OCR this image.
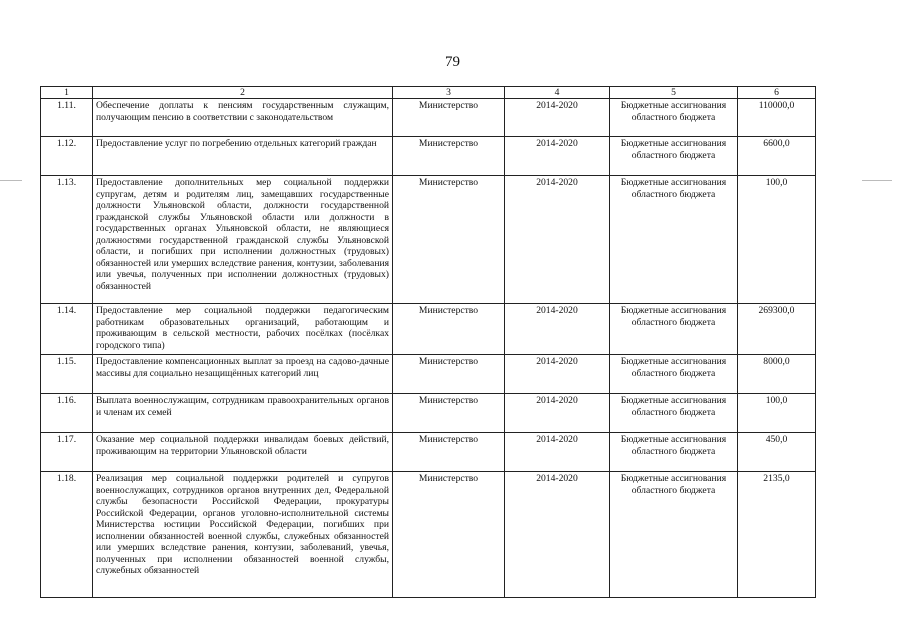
79
1	2	3	4	5	6
1.11.	Обеспечение доплаты к пенсиям государственным служащим, получающим пенсию в соответствии с законодательством	Министерство	2014-2020	Бюджетные ассигнования областного бюджета	110000,0
1.12.	Предоставление услуг по погребению отдельных категорий граждан	Министерство	2014-2020	Бюджетные ассигнования областного бюджета	6600,0
1.13.	Предоставление дополнительных мер социальной поддержки супругам, детям и родителям лиц, замещавших государственные должности Ульяновской области, должности государственной гражданской службы Ульяновской области или должности в государственных органах Ульяновской области, не являющиеся должностями государственной гражданской службы Ульяновской области, и погибших при исполнении должностных (трудовых) обязанностей или умерших вследствие ранения, контузии, заболевания или увечья, полученных при исполнении должностных (трудовых) обязанностей	Министерство	2014-2020	Бюджетные ассигнования областного бюджета	100,0
1.14.	Предоставление мер социальной поддержки педагогическим работникам образовательных организаций, работающим и проживающим в сельской местности, рабочих посёлках (посёлках городского типа)	Министерство	2014-2020	Бюджетные ассигнования областного бюджета	269300,0
1.15.	Предоставление компенсационных выплат за проезд на садово-дачные массивы для социально незащищённых категорий лиц	Министерство	2014-2020	Бюджетные ассигнования областного бюджета	8000,0
1.16.	Выплата военнослужащим, сотрудникам правоохранительных органов и членам их семей	Министерство	2014-2020	Бюджетные ассигнования областного бюджета	100,0
1.17.	Оказание мер социальной поддержки инвалидам боевых действий, проживающим на территории Ульяновской области	Министерство	2014-2020	Бюджетные ассигнования областного бюджета	450,0
1.18.	Реализация мер социальной поддержки родителей и супругов военнослужащих, сотрудников органов внутренних дел, Федеральной службы безопасности Российской Федерации, прокуратуры Российской Федерации, органов уголовно-исполнительной системы Министерства юстиции Российской Федерации, погибших при исполнении обязанностей военной службы, служебных обязанностей или умерших вследствие ранения, контузии, заболеваний, увечья, полученных при исполнении обязанностей военной службы, служебных обязанностей	Министерство	2014-2020	Бюджетные ассигнования областного бюджета	2135,0
